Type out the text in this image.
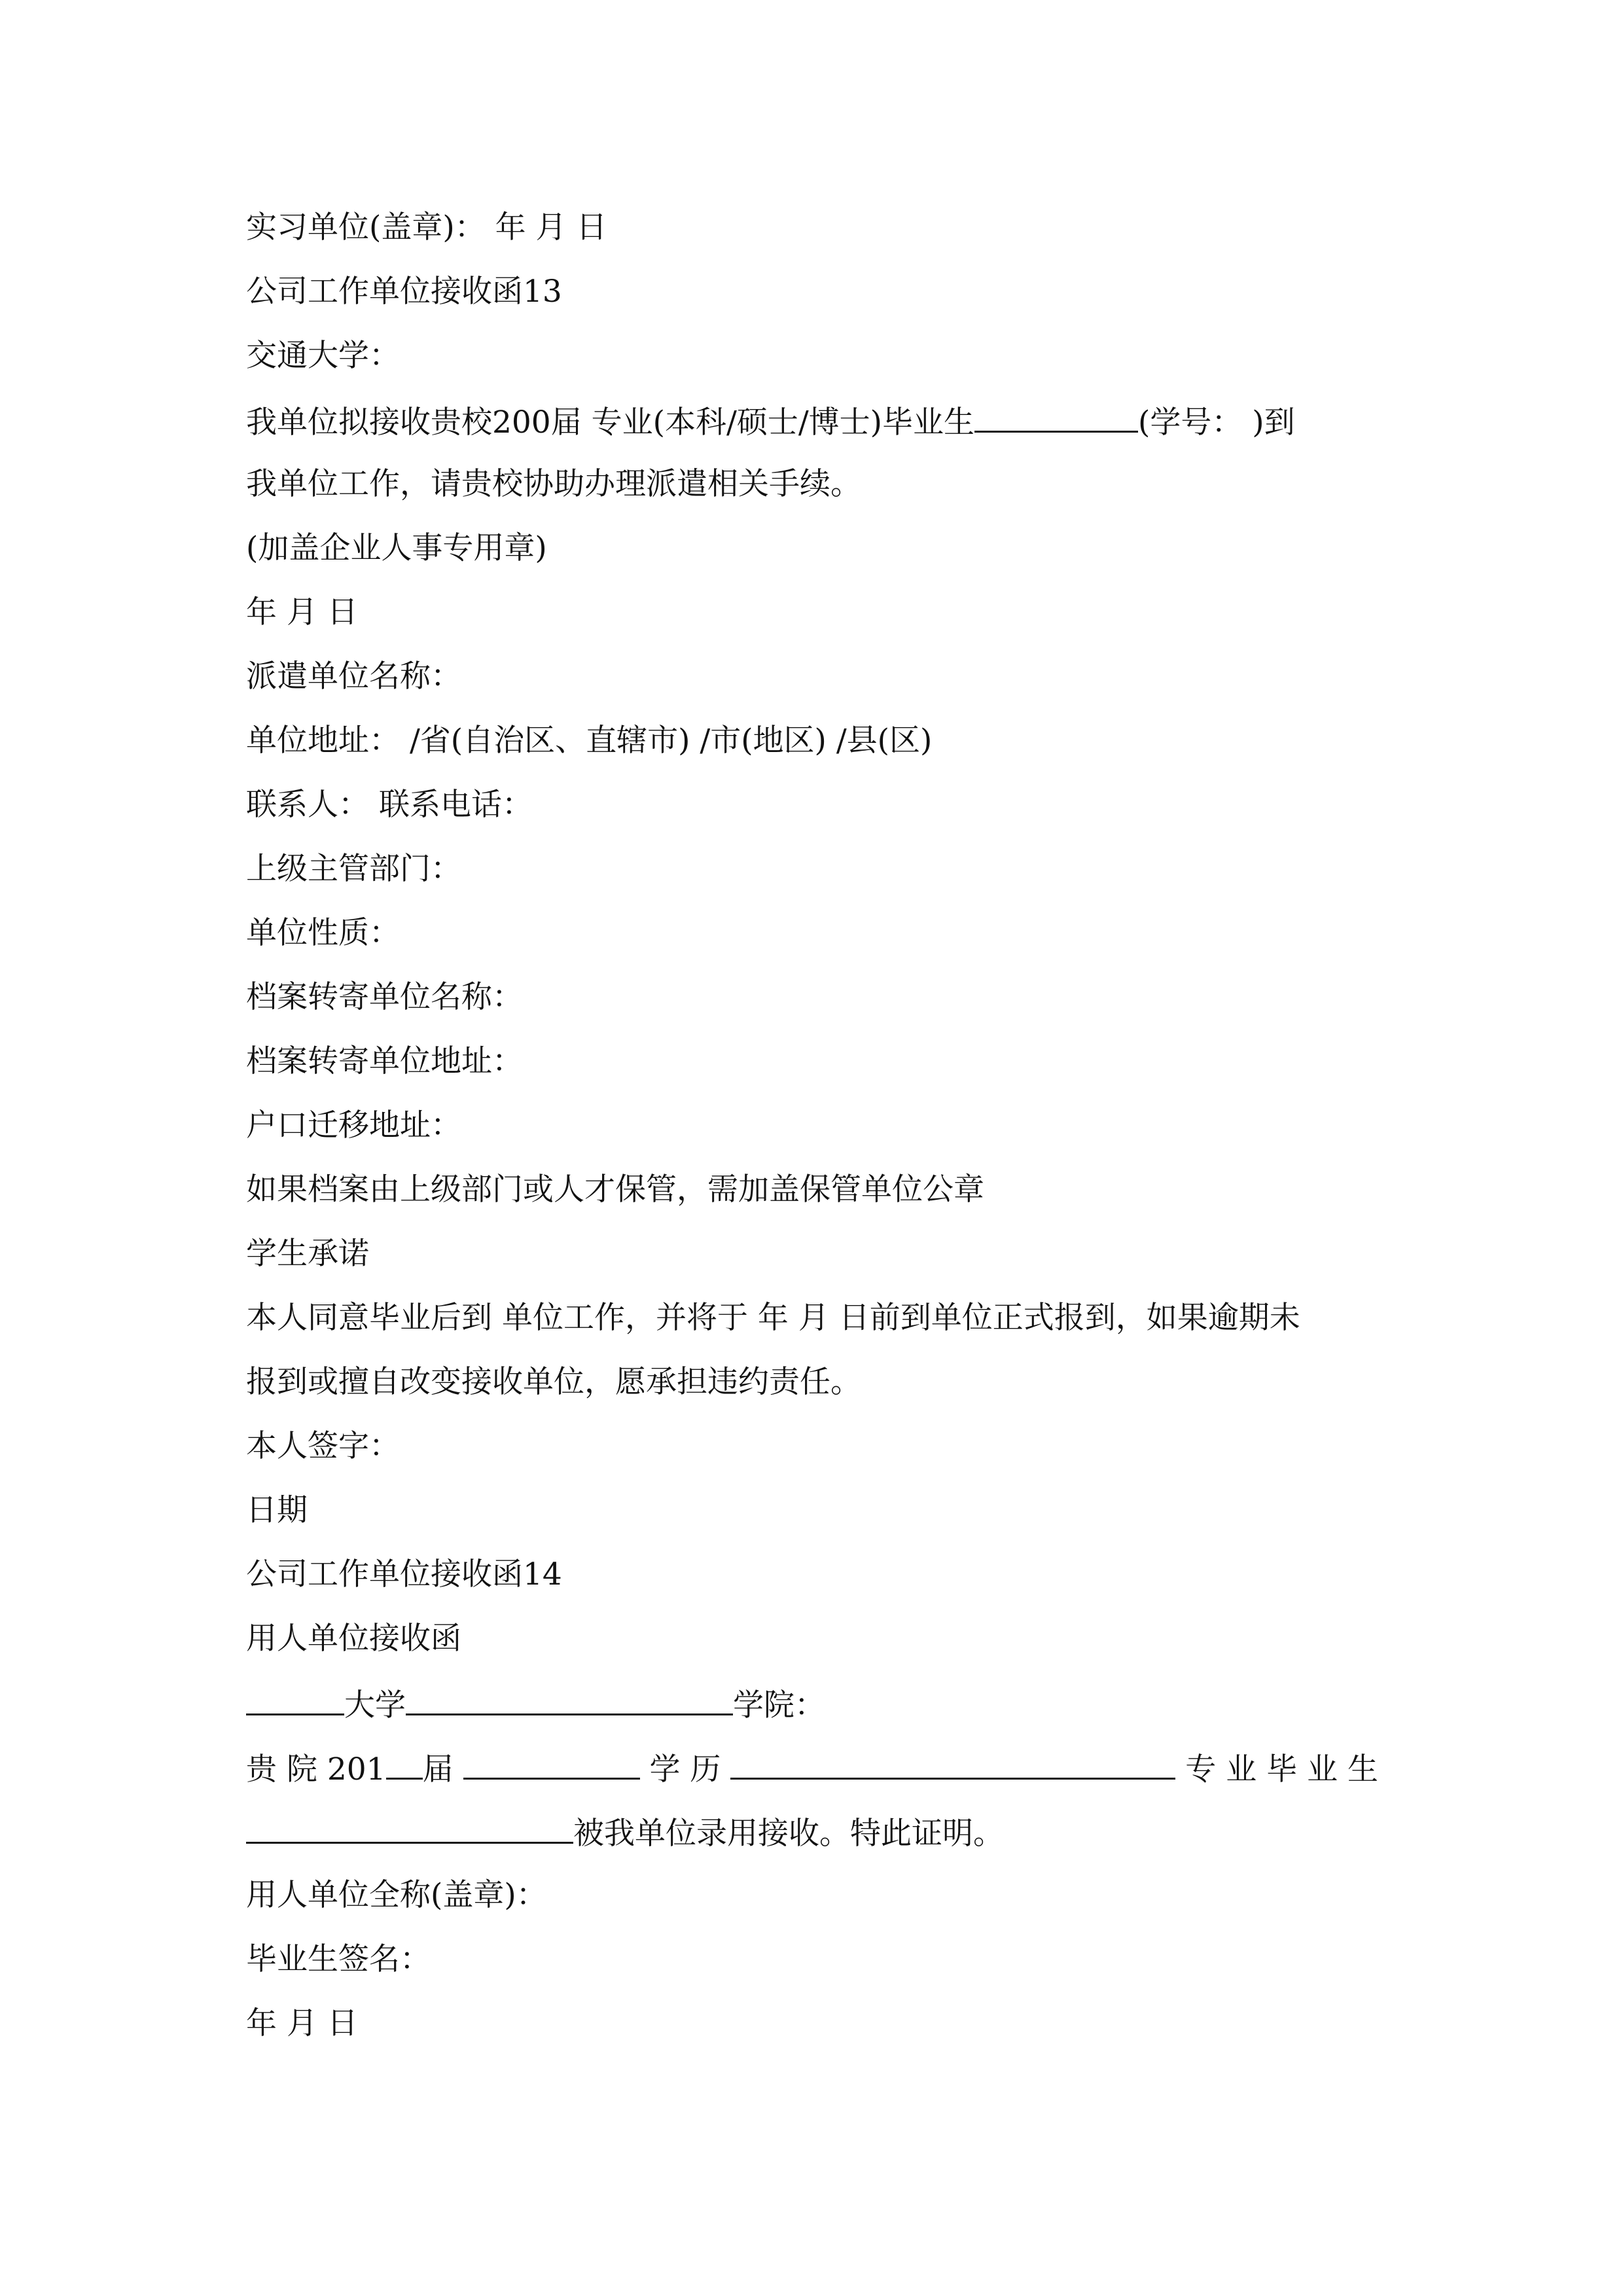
实习单位(盖章)： 年 月 日
公司工作单位接收函13
交通大学：
我单位拟接收贵校200届 专业(本科/硕士/博士)毕业生	(学号： )到
我单位工作，请贵校协助办理派遣相关手续。
(加盖企业人事专用章)
年 月 日
派遣单位名称：
单位地址： /省(自治区、直辖市) /市(地区) /县(区)
联系人： 联系电话：
上级主管部门：
单位性质：
档案转寄单位名称：
档案转寄单位地址：
户口迁移地址：
如果档案由上级部门或人才保管，需加盖保管单位公章
学生承诺
本人同意毕业后到 单位工作，并将于 年 月 日前到单位正式报到，如果逾期未
报到或擅自改变接收单位，愿承担违约责任。
本人签字：
日期
公司工作单位接收函14
用人单位接收函
大学	学院：
贵 院 201 届	学 历	专 业 毕 业 生
被我单位录用接收。特此证明。
用人单位全称(盖章)：
毕业生签名：
年 月 日
